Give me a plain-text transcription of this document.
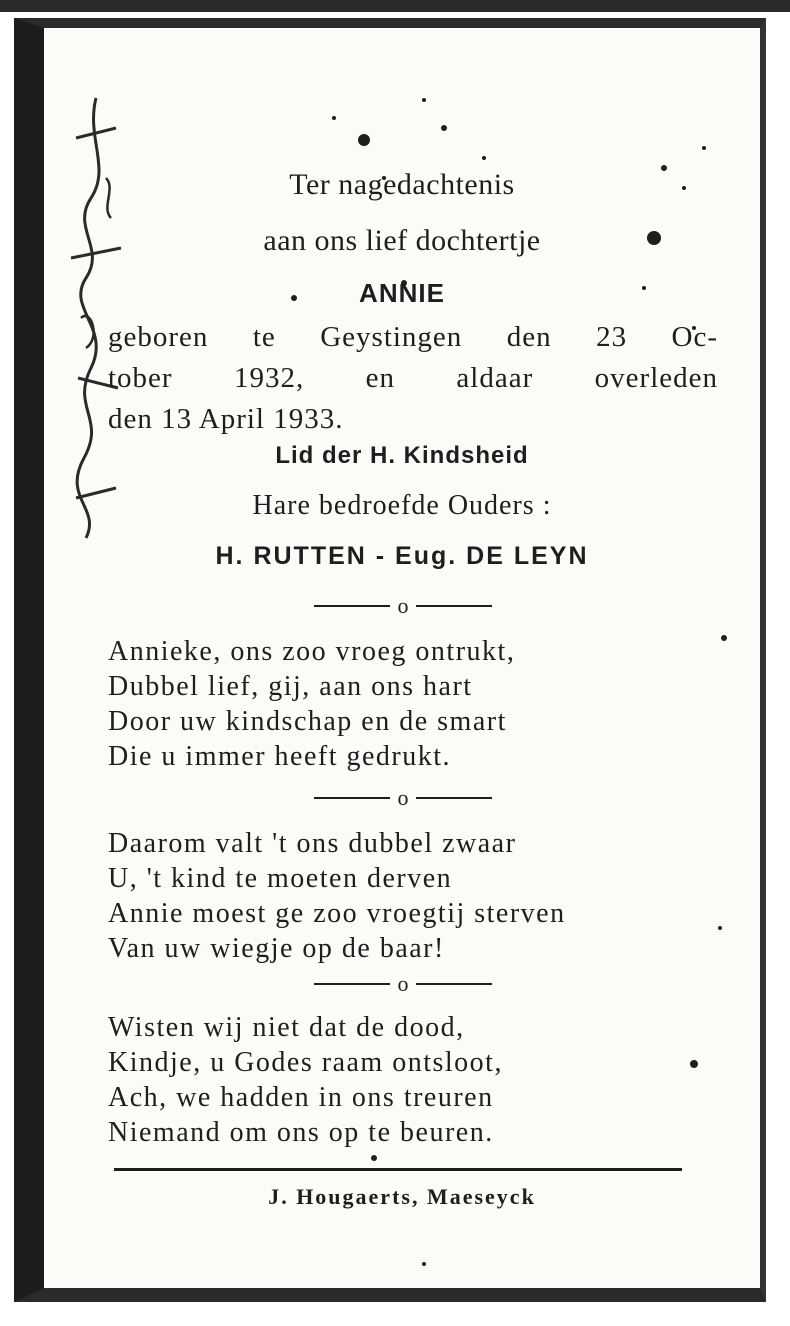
Ter nagedachtenis
aan ons lief dochtertje
ANNIE
geboren te Geystingen den 23 Oc-
tober 1932, en aldaar overleden
den 13 April 1933.
Lid der H. Kindsheid
Hare bedroefde Ouders :
H. RUTTEN - Eug. DE LEYN
o
Annieke, ons zoo vroeg ontrukt,
Dubbel lief, gij, aan ons hart
Door uw kindschap en de smart
Die u immer heeft gedrukt.
o
Daarom valt 't ons dubbel zwaar
U, 't kind te moeten derven
Annie moest ge zoo vroegtij sterven
Van uw wiegje op de baar!
o
Wisten wij niet dat de dood,
Kindje, u Godes raam ontsloot,
Ach, we hadden in ons treuren
Niemand om ons op te beuren.
J. Hougaerts, Maeseyck
